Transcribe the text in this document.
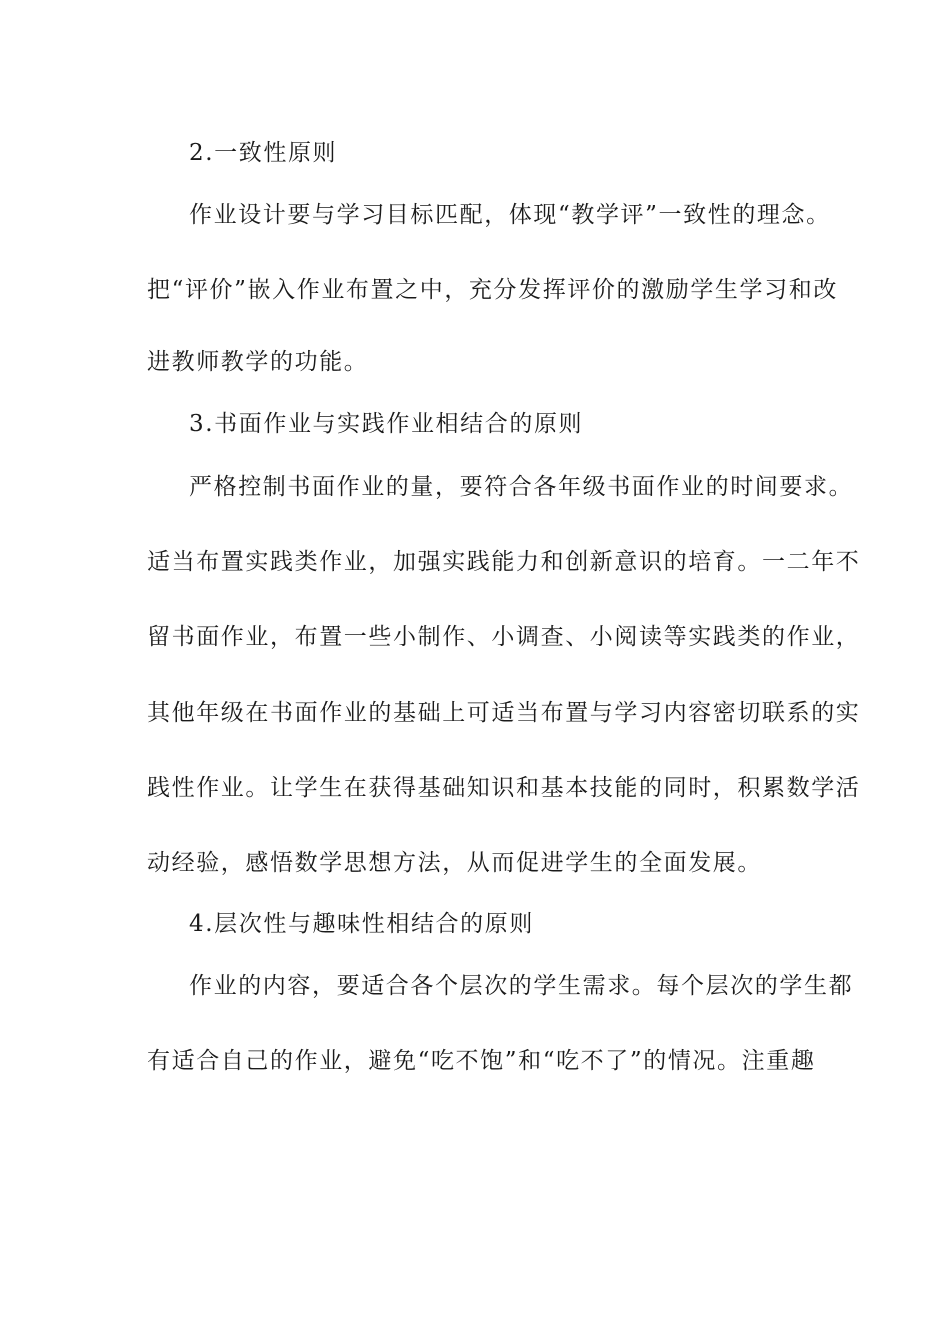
2.一致性原则
作业设计要与学习目标匹配，体现“教学评”一致性的理念。
把“评价”嵌入作业布置之中，充分发挥评价的激励学生学习和改
进教师教学的功能。
3.书面作业与实践作业相结合的原则
严格控制书面作业的量，要符合各年级书面作业的时间要求。
适当布置实践类作业，加强实践能力和创新意识的培育。一二年不
留书面作业，布置一些小制作、小调查、小阅读等实践类的作业，
其他年级在书面作业的基础上可适当布置与学习内容密切联系的实
践性作业。让学生在获得基础知识和基本技能的同时，积累数学活
动经验，感悟数学思想方法，从而促进学生的全面发展。
4.层次性与趣味性相结合的原则
作业的内容，要适合各个层次的学生需求。每个层次的学生都
有适合自己的作业，避免“吃不饱”和“吃不了”的情况。注重趣
